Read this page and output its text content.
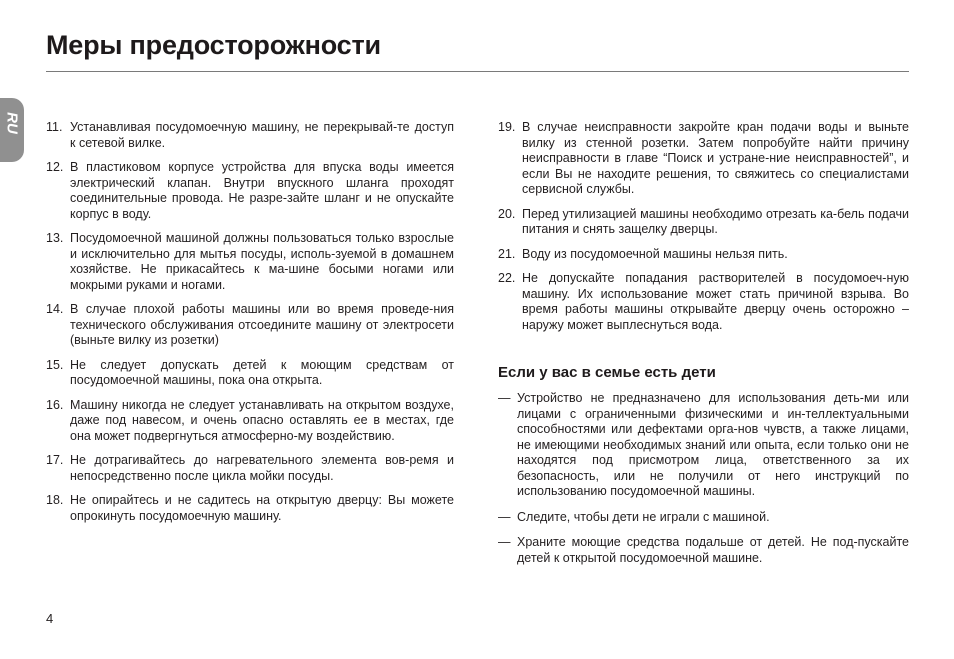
Меры предосторожности
RU 11. Устанавливая посудомоечную машину, не перекрывай-те доступ к сетевой вилке.
12. В пластиковом корпусе устройства для впуска воды имеется электрический клапан. Внутри впускного шланга проходят соединительные провода. Не разре-зайте шланг и не опускайте корпус в воду.
13. Посудомоечной машиной должны пользоваться только взрослые и исключительно для мытья посуды, исполь-зуемой в домашнем хозяйстве. Не прикасайтесь к ма-шине босыми ногами или мокрыми руками и ногами.
14. В случае плохой работы машины или во время проведе-ния технического обслуживания отсоедините машину от электросети (выньте вилку из розетки)
15. Не следует допускать детей к моющим средствам от посудомоечной машины, пока она открыта.
16. Машину никогда не следует устанавливать на открытом воздухе, даже под навесом, и очень опасно оставлять ее в местах, где она может подвергнуться атмосферно-му воздействию.
17. Не дотрагивайтесь до нагревательного элемента вов-ремя и непосредственно после цикла мойки посуды.
18. Не опирайтесь и не садитесь на открытую дверцу: Вы можете опрокинуть посудомоечную машину.
19. В случае неисправности закройте кран подачи воды и выньте вилку из стенной розетки. Затем попробуйте найти причину неисправности в главе “Поиск и устране-ние неисправностей”, и если Вы не находите решения, то свяжитесь со специалистами сервисной службы.
20. Перед утилизацией машины необходимо отрезать ка-бель подачи питания и снять защелку дверцы.
21. Воду из посудомоечной машины нельзя пить.
22. Не допускайте попадания растворителей в посудомоеч-ную машину. Их использование может стать причиной взрыва. Во время работы машины открывайте дверцу очень осторожно – наружу может выплеснуться вода.
Если у вас в семье есть дети
— Устройство не предназначено для использования деть-ми или лицами с ограниченными физическими и ин-теллектуальными способностями или дефектами орга-нов чувств, а также лицами, не имеющими необходимых знаний или опыта, если только они не находятся под присмотром лица, ответственного за их безопасность, или не получили от него инструкций по использованию посудомоечной машины.
— Следите, чтобы дети не играли с машиной.
— Храните моющие средства подальше от детей. Не под-пускайте детей к открытой посудомоечной машине.
4
